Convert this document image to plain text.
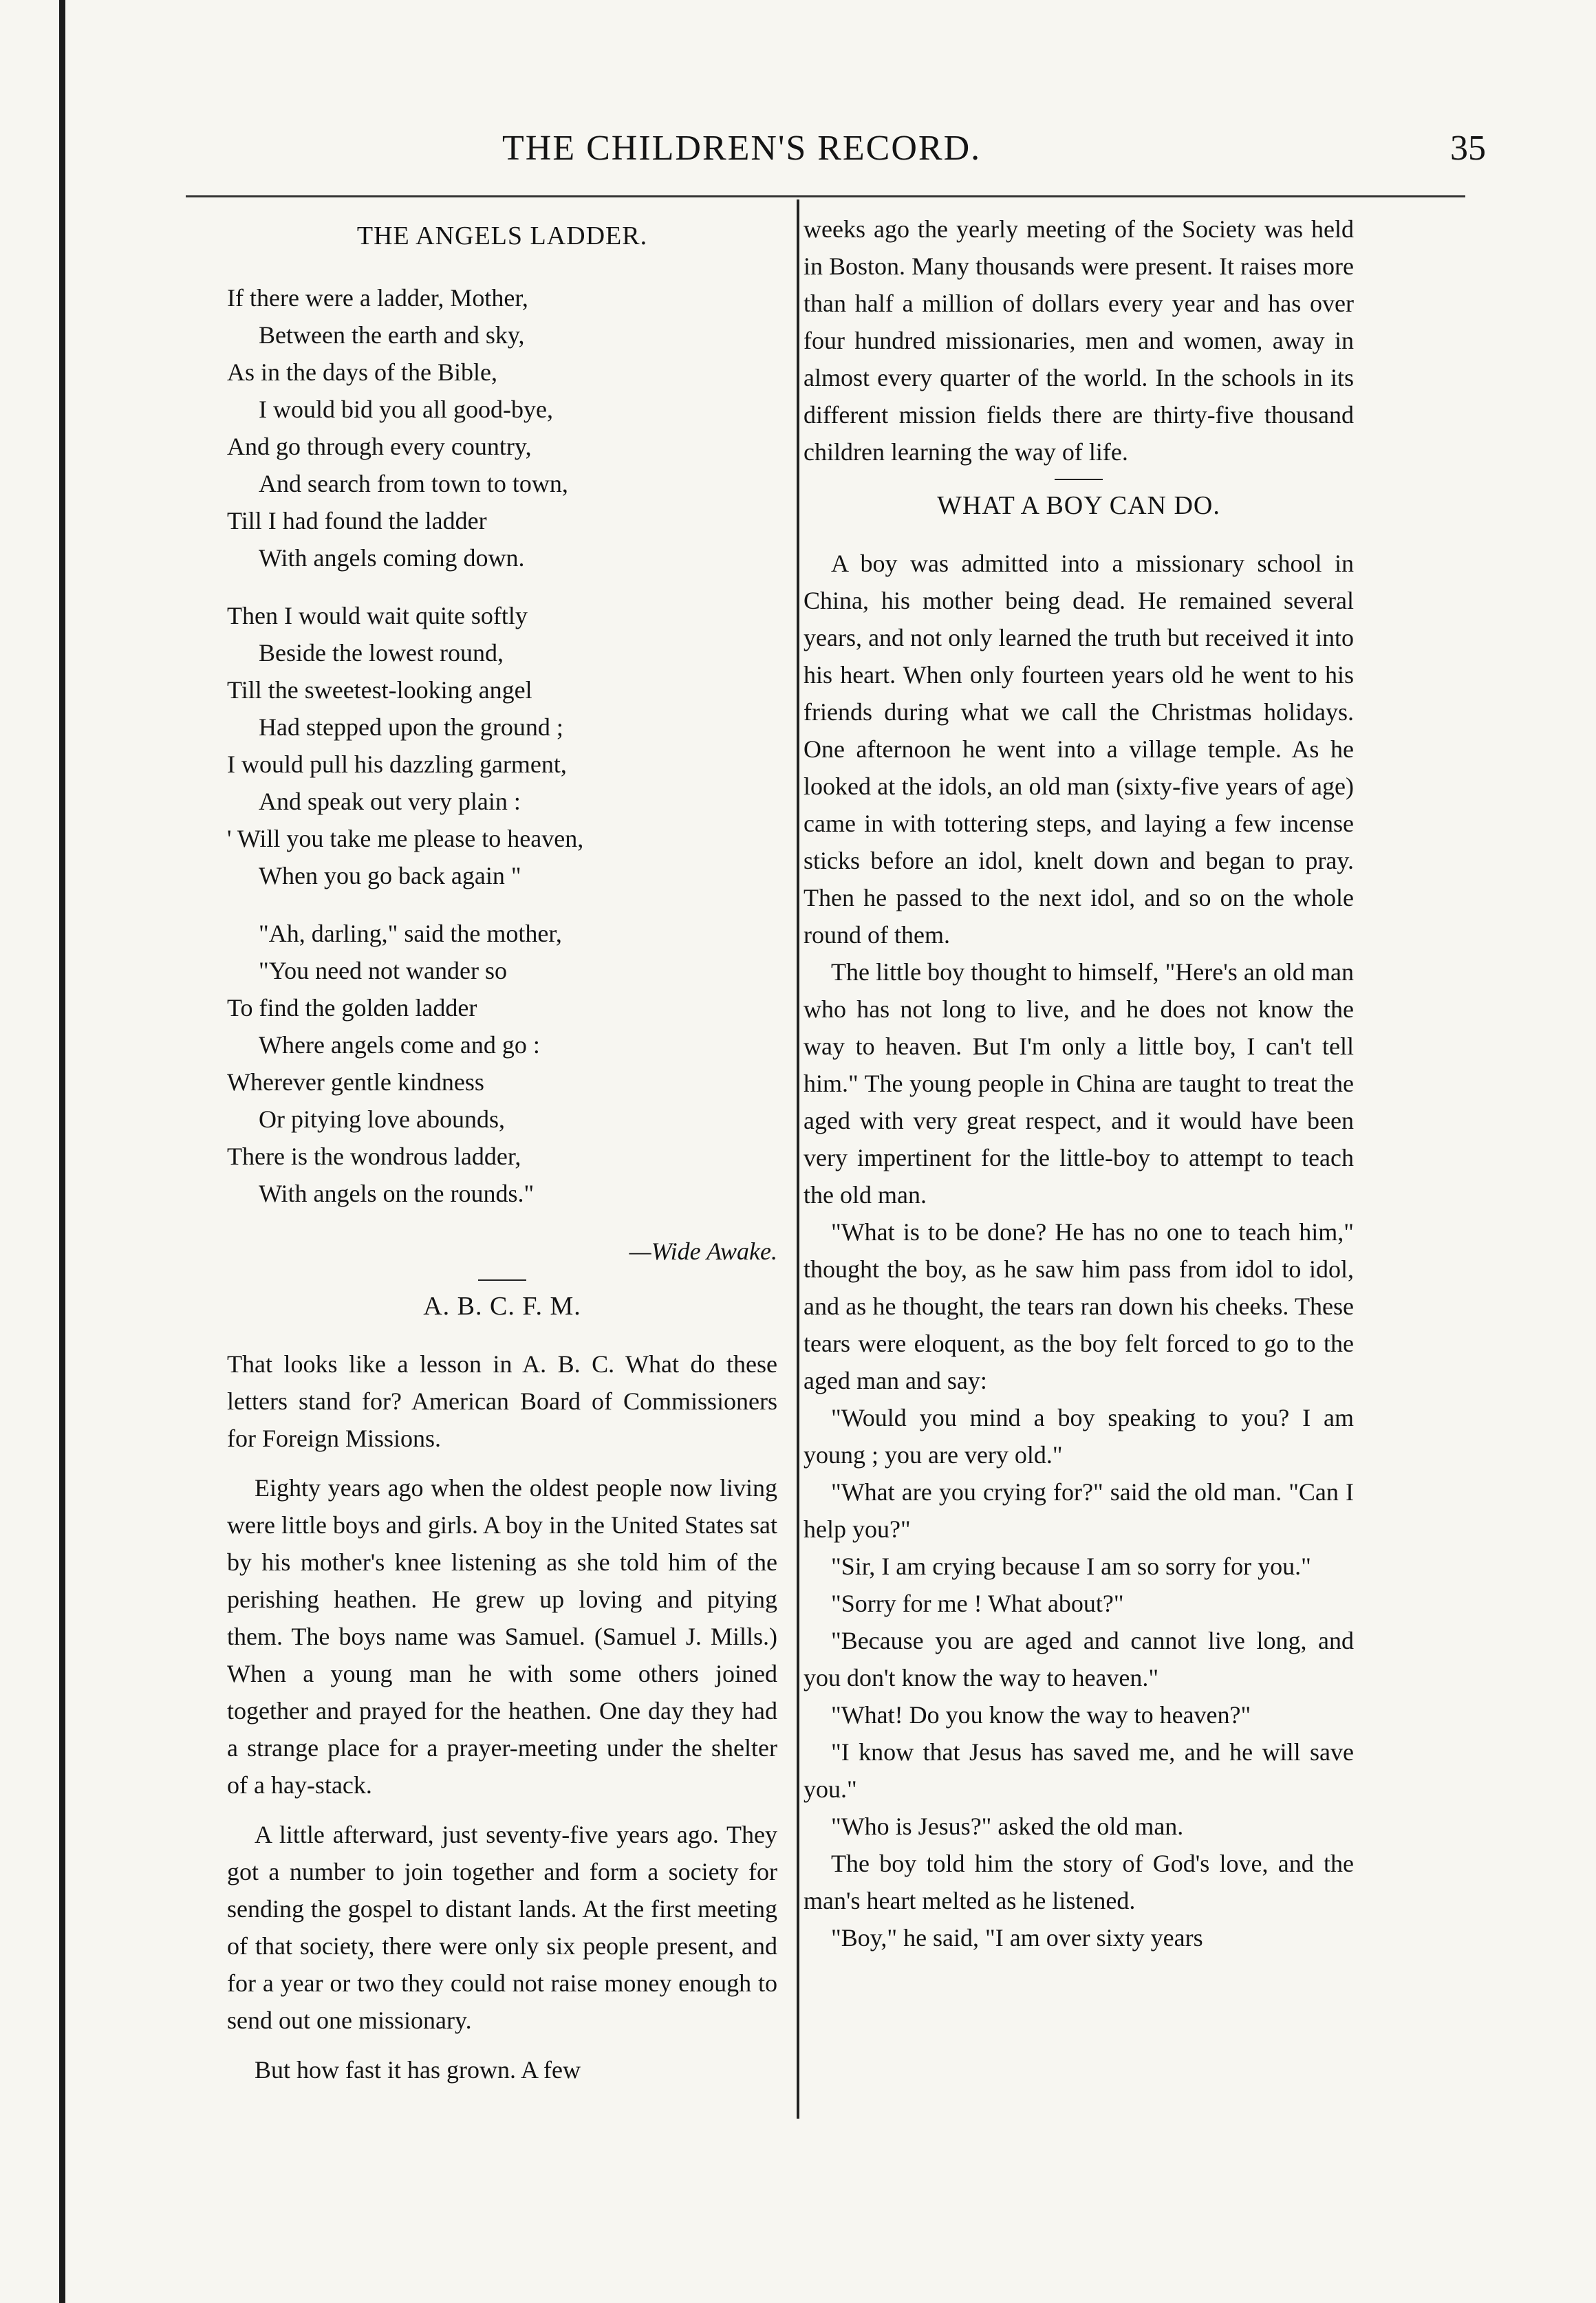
THE CHILDREN'S RECORD.	35
THE ANGELS LADDER.
If there were a ladder, Mother,
Between the earth and sky,
As in the days of the Bible,
I would bid you all good-bye,
And go through every country,
And search from town to town,
Till I had found the ladder
With angels coming down.
Then I would wait quite softly
Beside the lowest round,
Till the sweetest-looking angel
Had stepped upon the ground ;
I would pull his dazzling garment,
And speak out very plain :
' Will you take me please to heaven,
When you go back again "
"Ah, darling," said the mother,
"You need not wander so
To find the golden ladder
Where angels come and go :
Wherever gentle kindness
Or pitying love abounds,
There is the wondrous ladder,
With angels on the rounds."
—Wide Awake.
A. B. C. F. M.

That looks like a lesson in A. B. C. What do these letters stand for? American Board of Commissioners for Foreign Missions.

Eighty years ago when the oldest people now living were little boys and girls. A boy in the United States sat by his mother's knee listening as she told him of the perishing heathen. He grew up loving and pitying them. The boys name was Samuel. (Samuel J. Mills.) When a young man he with some others joined together and prayed for the heathen. One day they had a strange place for a prayer-meeting under the shelter of a hay-stack.

A little afterward, just seventy-five years ago. They got a number to join together and form a society for sending the gospel to distant lands. At the first meeting of that society, there were only six people present, and for a year or two they could not raise money enough to send out one missionary.

But how fast it has grown. A few

weeks ago the yearly meeting of the Society was held in Boston. Many thousands were present. It raises more than half a million of dollars every year and has over four hundred missionaries, men and women, away in almost every quarter of the world. In the schools in its different mission fields there are thirty-five thousand children learning the way of life.

WHAT A BOY CAN DO.

A boy was admitted into a missionary school in China, his mother being dead. He remained several years, and not only learned the truth but received it into his heart. When only fourteen years old he went to his friends during what we call the Christmas holidays. One afternoon he went into a village temple. As he looked at the idols, an old man (sixty-five years of age) came in with tottering steps, and laying a few incense sticks before an idol, knelt down and began to pray. Then he passed to the next idol, and so on the whole round of them.

The little boy thought to himself, "Here's an old man who has not long to live, and he does not know the way to heaven. But I'm only a little boy, I can't tell him." The young people in China are taught to treat the aged with very great respect, and it would have been very impertinent for the little-boy to attempt to teach the old man.

"What is to be done? He has no one to teach him," thought the boy, as he saw him pass from idol to idol, and as he thought, the tears ran down his cheeks. These tears were eloquent, as the boy felt forced to go to the aged man and say:

"Would you mind a boy speaking to you? I am young ; you are very old."

"What are you crying for?" said the old man. "Can I help you?"

"Sir, I am crying because I am so sorry for you."

"Sorry for me ! What about?"

"Because you are aged and cannot live long, and you don't know the way to heaven."

"What! Do you know the way to heaven?"

"I know that Jesus has saved me, and he will save you."

"Who is Jesus?" asked the old man.

The boy told him the story of God's love, and the man's heart melted as he listened.

"Boy," he said, "I am over sixty years
